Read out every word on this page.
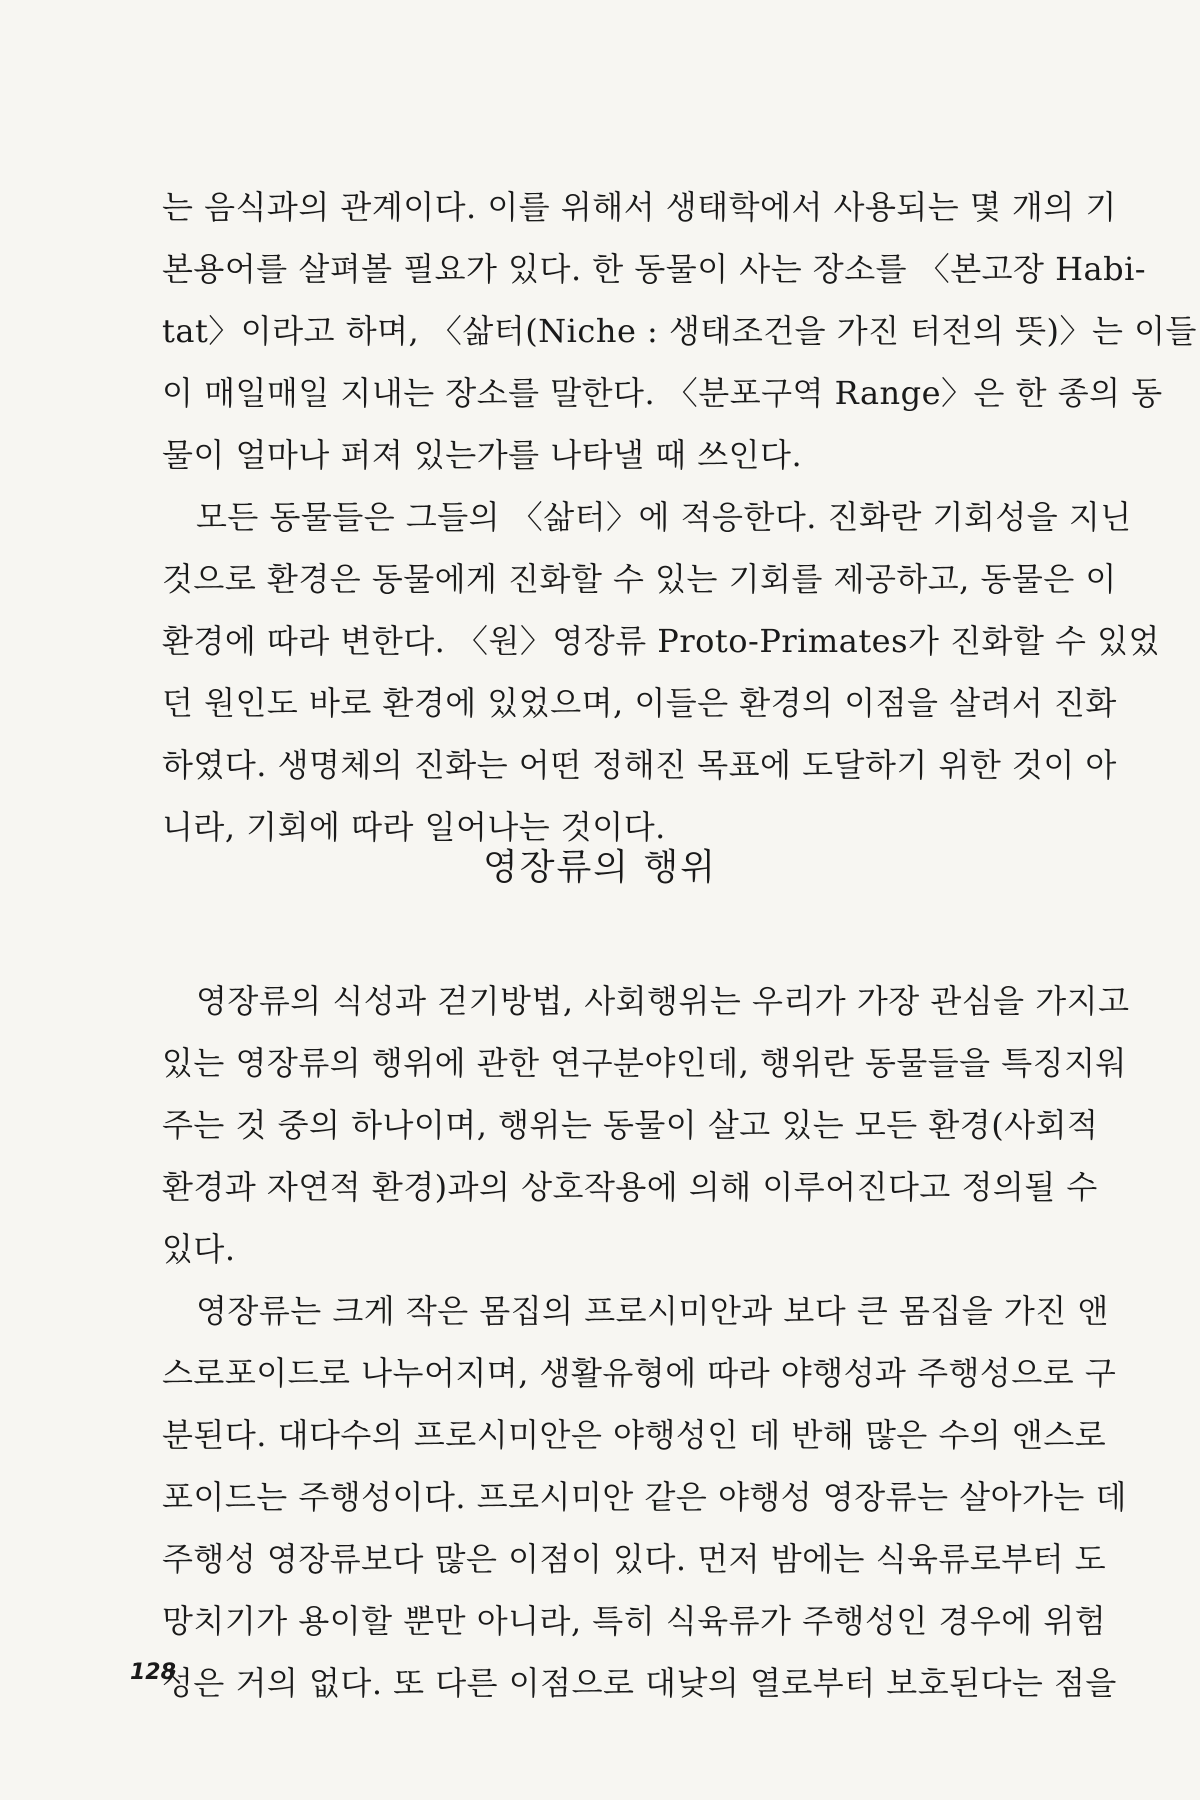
는 음식과의 관계이다. 이를 위해서 생태학에서 사용되는 몇 개의 기
본용어를 살펴볼 필요가 있다. 한 동물이 사는 장소를 〈본고장 Habi-
tat〉이라고 하며, 〈삶터(Niche : 생태조건을 가진 터전의 뜻)〉는 이들
이 매일매일 지내는 장소를 말한다. 〈분포구역 Range〉은 한 종의 동
물이 얼마나 퍼져 있는가를 나타낼 때 쓰인다.
모든 동물들은 그들의 〈삶터〉에 적응한다. 진화란 기회성을 지닌
것으로 환경은 동물에게 진화할 수 있는 기회를 제공하고, 동물은 이
환경에 따라 변한다. 〈원〉영장류 Proto-Primates가 진화할 수 있었
던 원인도 바로 환경에 있었으며, 이들은 환경의 이점을 살려서 진화
하였다. 생명체의 진화는 어떤 정해진 목표에 도달하기 위한 것이 아
니라, 기회에 따라 일어나는 것이다.
영장류의 행위
영장류의 식성과 걷기방법, 사회행위는 우리가 가장 관심을 가지고
있는 영장류의 행위에 관한 연구분야인데, 행위란 동물들을 특징지워
주는 것 중의 하나이며, 행위는 동물이 살고 있는 모든 환경(사회적
환경과 자연적 환경)과의 상호작용에 의해 이루어진다고 정의될 수
있다.
영장류는 크게 작은 몸집의 프로시미안과 보다 큰 몸집을 가진 앤
스로포이드로 나누어지며, 생활유형에 따라 야행성과 주행성으로 구
분된다. 대다수의 프로시미안은 야행성인 데 반해 많은 수의 앤스로
포이드는 주행성이다. 프로시미안 같은 야행성 영장류는 살아가는 데
주행성 영장류보다 많은 이점이 있다. 먼저 밤에는 식육류로부터 도
망치기가 용이할 뿐만 아니라, 특히 식육류가 주행성인 경우에 위험
성은 거의 없다. 또 다른 이점으로 대낮의 열로부터 보호된다는 점을
128
